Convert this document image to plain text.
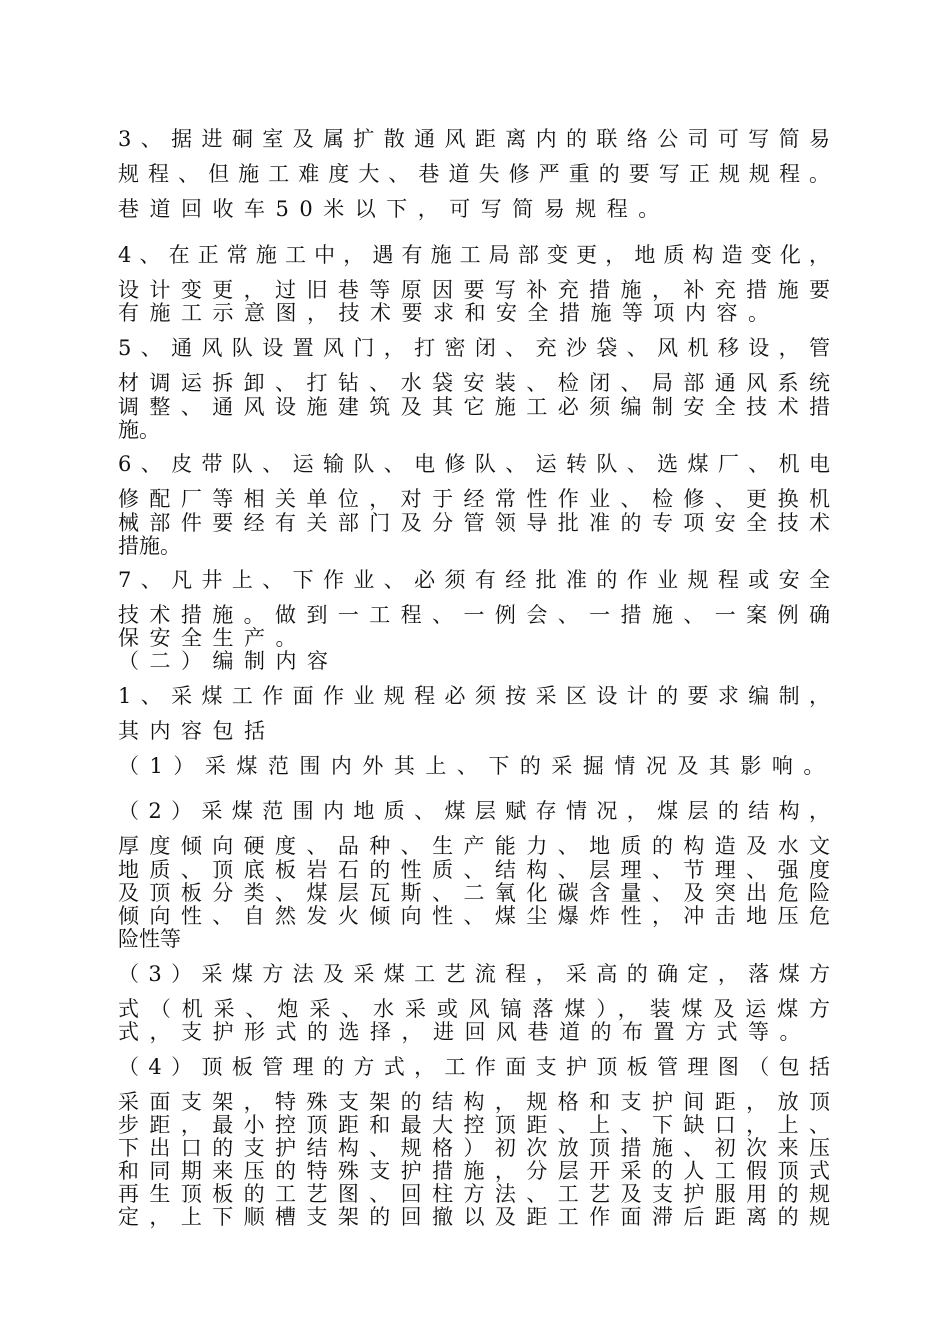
3、据进硐室及属扩散通风距离内的联络公司可写简易
规程、但施工难度大、巷道失修严重的要写正规规程。
巷道回收车50米以下，可写简易规程。
4、在正常施工中，遇有施工局部变更，地质构造变化，
设计变更，过旧巷等原因要写补充措施，补充措施要
有施工示意图，技术要求和安全措施等项内容。
5、通风队设置风门，打密闭、充沙袋、风机移设，管
材调运拆卸、打钻、水袋安装、检闭、局部通风系统
调整、通风设施建筑及其它施工必须编制安全技术措
施。
6、皮带队、运输队、电修队、运转队、选煤厂、机电
修配厂等相关单位，对于经常性作业、检修、更换机
械部件要经有关部门及分管领导批准的专项安全技术
措施。
7、凡井上、下作业、必须有经批准的作业规程或安全
技术措施。做到一工程、一例会、一措施、一案例确
保安全生产。
（二）编制内容
1、采煤工作面作业规程必须按采区设计的要求编制，
其内容包括
（1）采煤范围内外其上、下的采掘情况及其影响。
（2）采煤范围内地质、煤层赋存情况，煤层的结构，
厚度倾向硬度、品种、生产能力、地质的构造及水文
地质、顶底板岩石的性质、结构、层理、节理、强度
及顶板分类、煤层瓦斯、二氧化碳含量、及突出危险
倾向性、自然发火倾向性、煤尘爆炸性，冲击地压危
险性等
（3）采煤方法及采煤工艺流程，采高的确定，落煤方
式（机采、炮采、水采或风镐落煤），装煤及运煤方
式，支护形式的选择，进回风巷道的布置方式等。
（4）顶板管理的方式，工作面支护顶板管理图（包括
采面支架，特殊支架的结构，规格和支护间距，放顶
步距，最小控顶距和最大控顶距、上、下缺口，上、
下出口的支护结构、规格）初次放顶措施、初次来压
和同期来压的特殊支护措施，分层开采的人工假顶式
再生顶板的工艺图、回柱方法、工艺及支护服用的规
定，上下顺槽支架的回撤以及距工作面滞后距离的规
